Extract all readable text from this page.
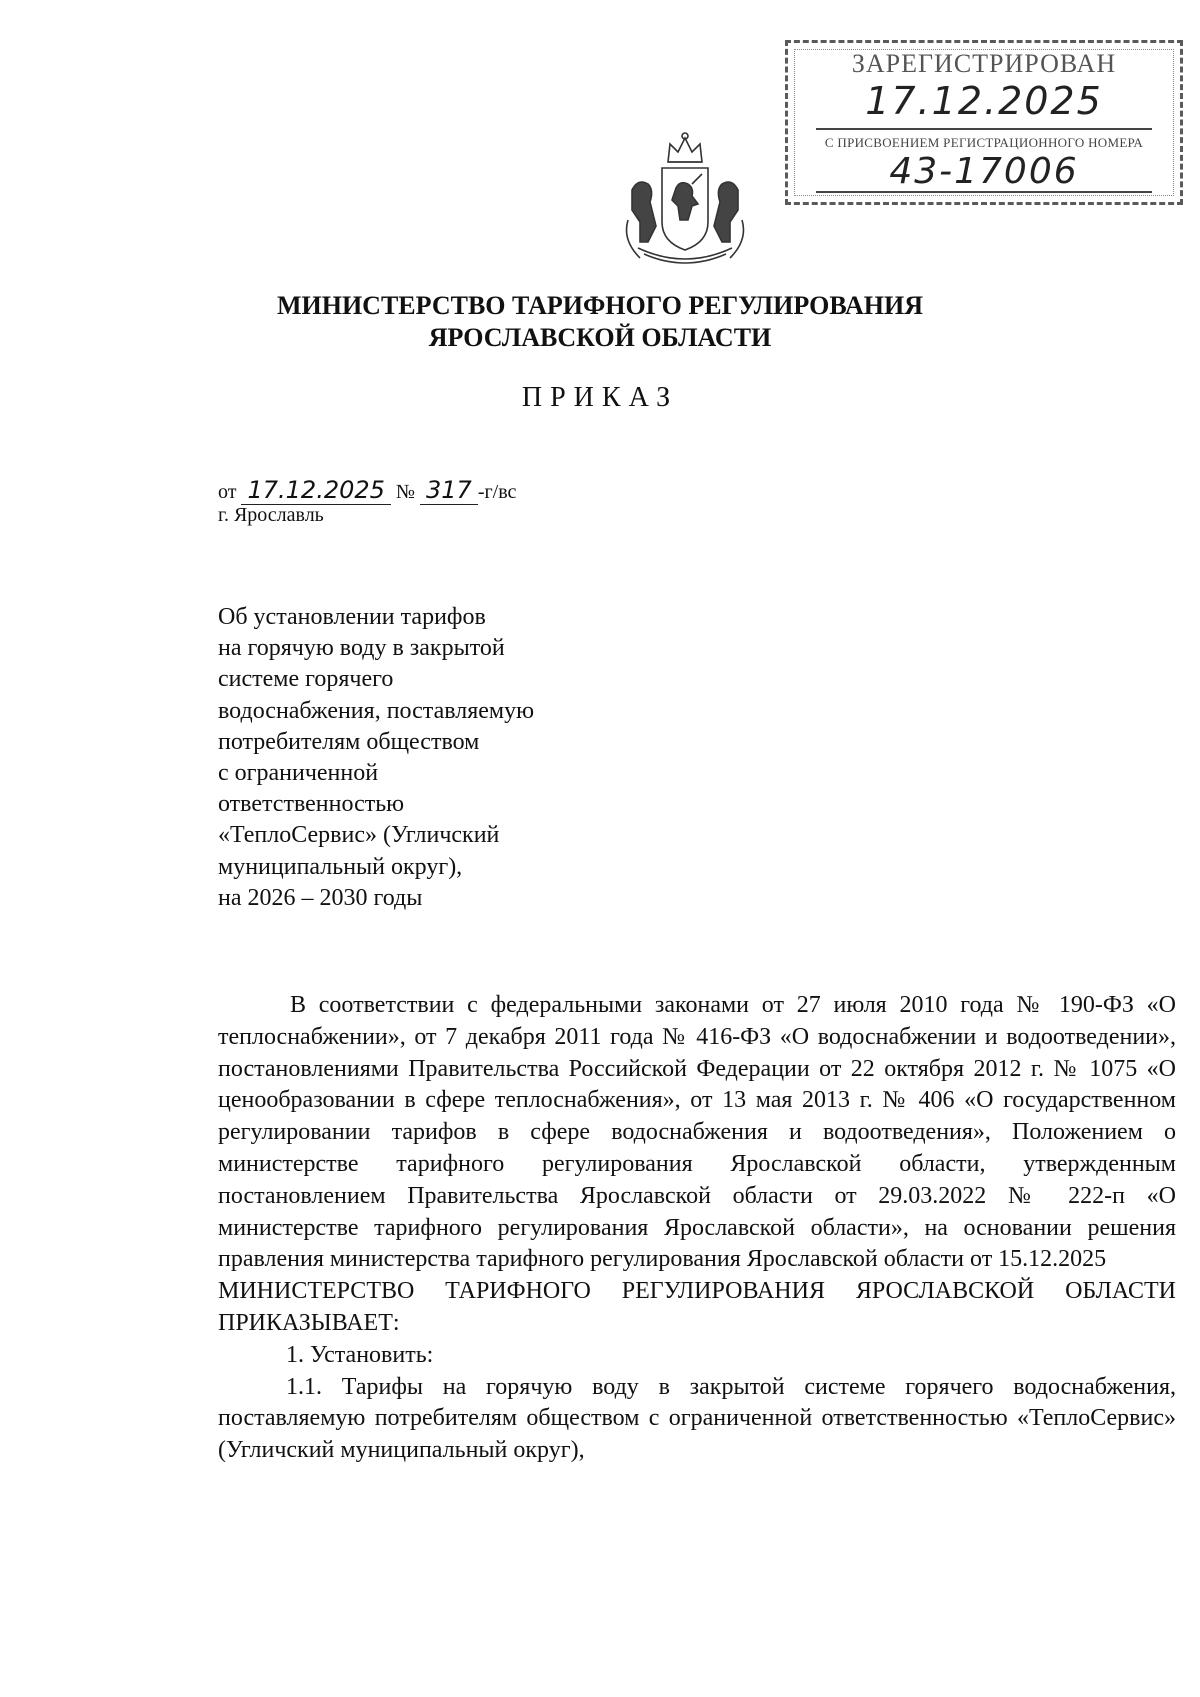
ЗАРЕГИСТРИРОВАН
17.12.2025
С ПРИСВОЕНИЕМ РЕГИСТРАЦИОННОГО НОМЕРА
43-17006
МИНИСТЕРСТВО ТАРИФНОГО РЕГУЛИРОВАНИЯ
ЯРОСЛАВСКОЙ ОБЛАСТИ
ПРИКАЗ
от 17.12.2025 № 317 -г/вс
г. Ярославль
Об установлении тарифов
на горячую воду в закрытой
системе горячего
водоснабжения, поставляемую
потребителям обществом
с ограниченной
ответственностью
«ТеплоСервис» (Угличский
муниципальный округ),
на 2026 – 2030 годы

В соответствии с федеральными законами от 27 июля 2010 года № 190-ФЗ «О теплоснабжении», от 7 декабря 2011 года № 416-ФЗ «О водоснабжении и водоотведении», постановлениями Правительства Российской Федерации от 22 октября 2012 г. № 1075 «О ценообразовании в сфере теплоснабжения», от 13 мая 2013 г. № 406 «О государственном регулировании тарифов в сфере водоснабжения и водоотведения», Положением о министерстве тарифного регулирования Ярославской области, утвержденным постановлением Правительства Ярославской области от 29.03.2022 № 222-п «О министерстве тарифного регулирования Ярославской области», на основании решения правления министерства тарифного регулирования Ярославской области от 15.12.2025

МИНИСТЕРСТВО ТАРИФНОГО РЕГУЛИРОВАНИЯ ЯРОСЛАВСКОЙ ОБЛАСТИ ПРИКАЗЫВАЕТ:

1. Установить:

1.1. Тарифы на горячую воду в закрытой системе горячего водоснабжения, поставляемую потребителям обществом с ограниченной ответственностью «ТеплоСервис» (Угличский муниципальный округ),
